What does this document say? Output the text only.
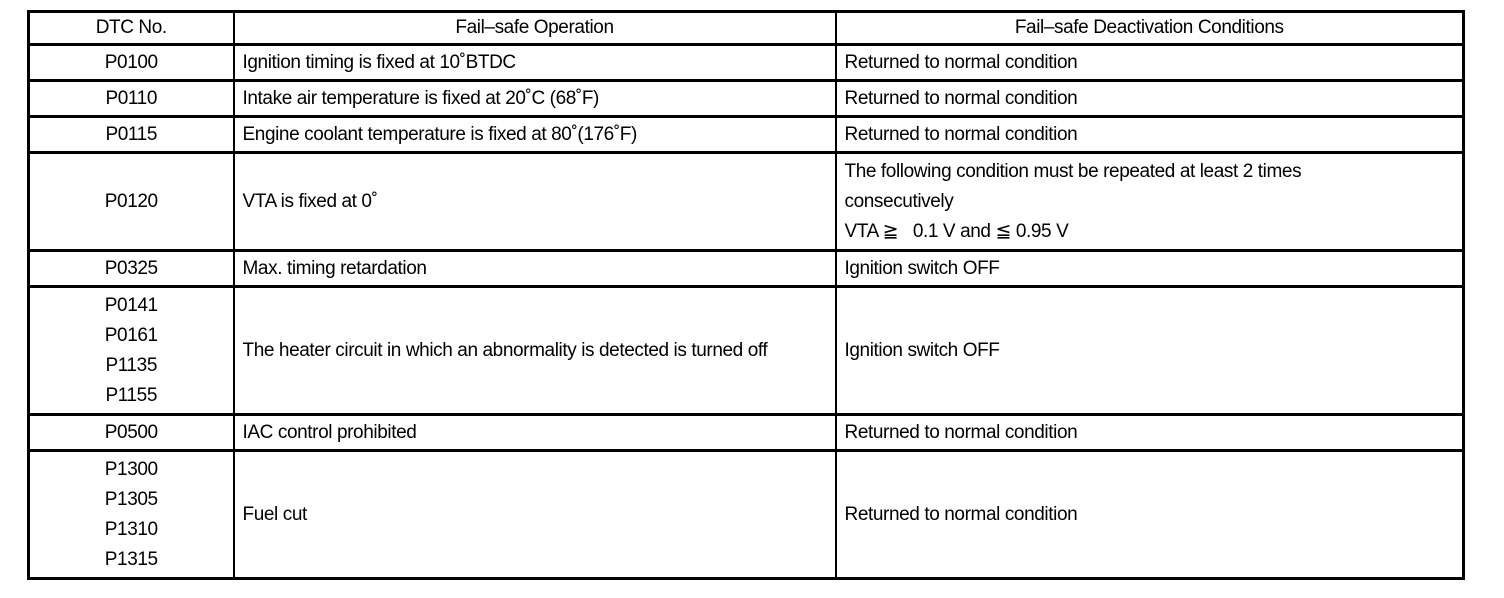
DTC No.	Fail–safe Operation	Fail–safe Deactivation Conditions

P0100	Ignition timing is fixed at 10˚BTDC	Returned to normal condition

P0110	Intake air temperature is fixed at 20˚C (68˚F)	Returned to normal condition

P0115	Engine coolant temperature is fixed at 80˚(176˚F)	Returned to normal condition

P0120	VTA is fixed at 0˚	The following condition must be repeated at least 2 times
consecutively
VTA ≧   0.1 V and ≦ 0.95 V

P0325	Max. timing retardation	Ignition switch OFF

P0141
P0161
P1135
P1155	The heater circuit in which an abnormality is detected is turned off	Ignition switch OFF

P0500	IAC control prohibited	Returned to normal condition

P1300
P1305
P1310
P1315	Fuel cut	Returned to normal condition
